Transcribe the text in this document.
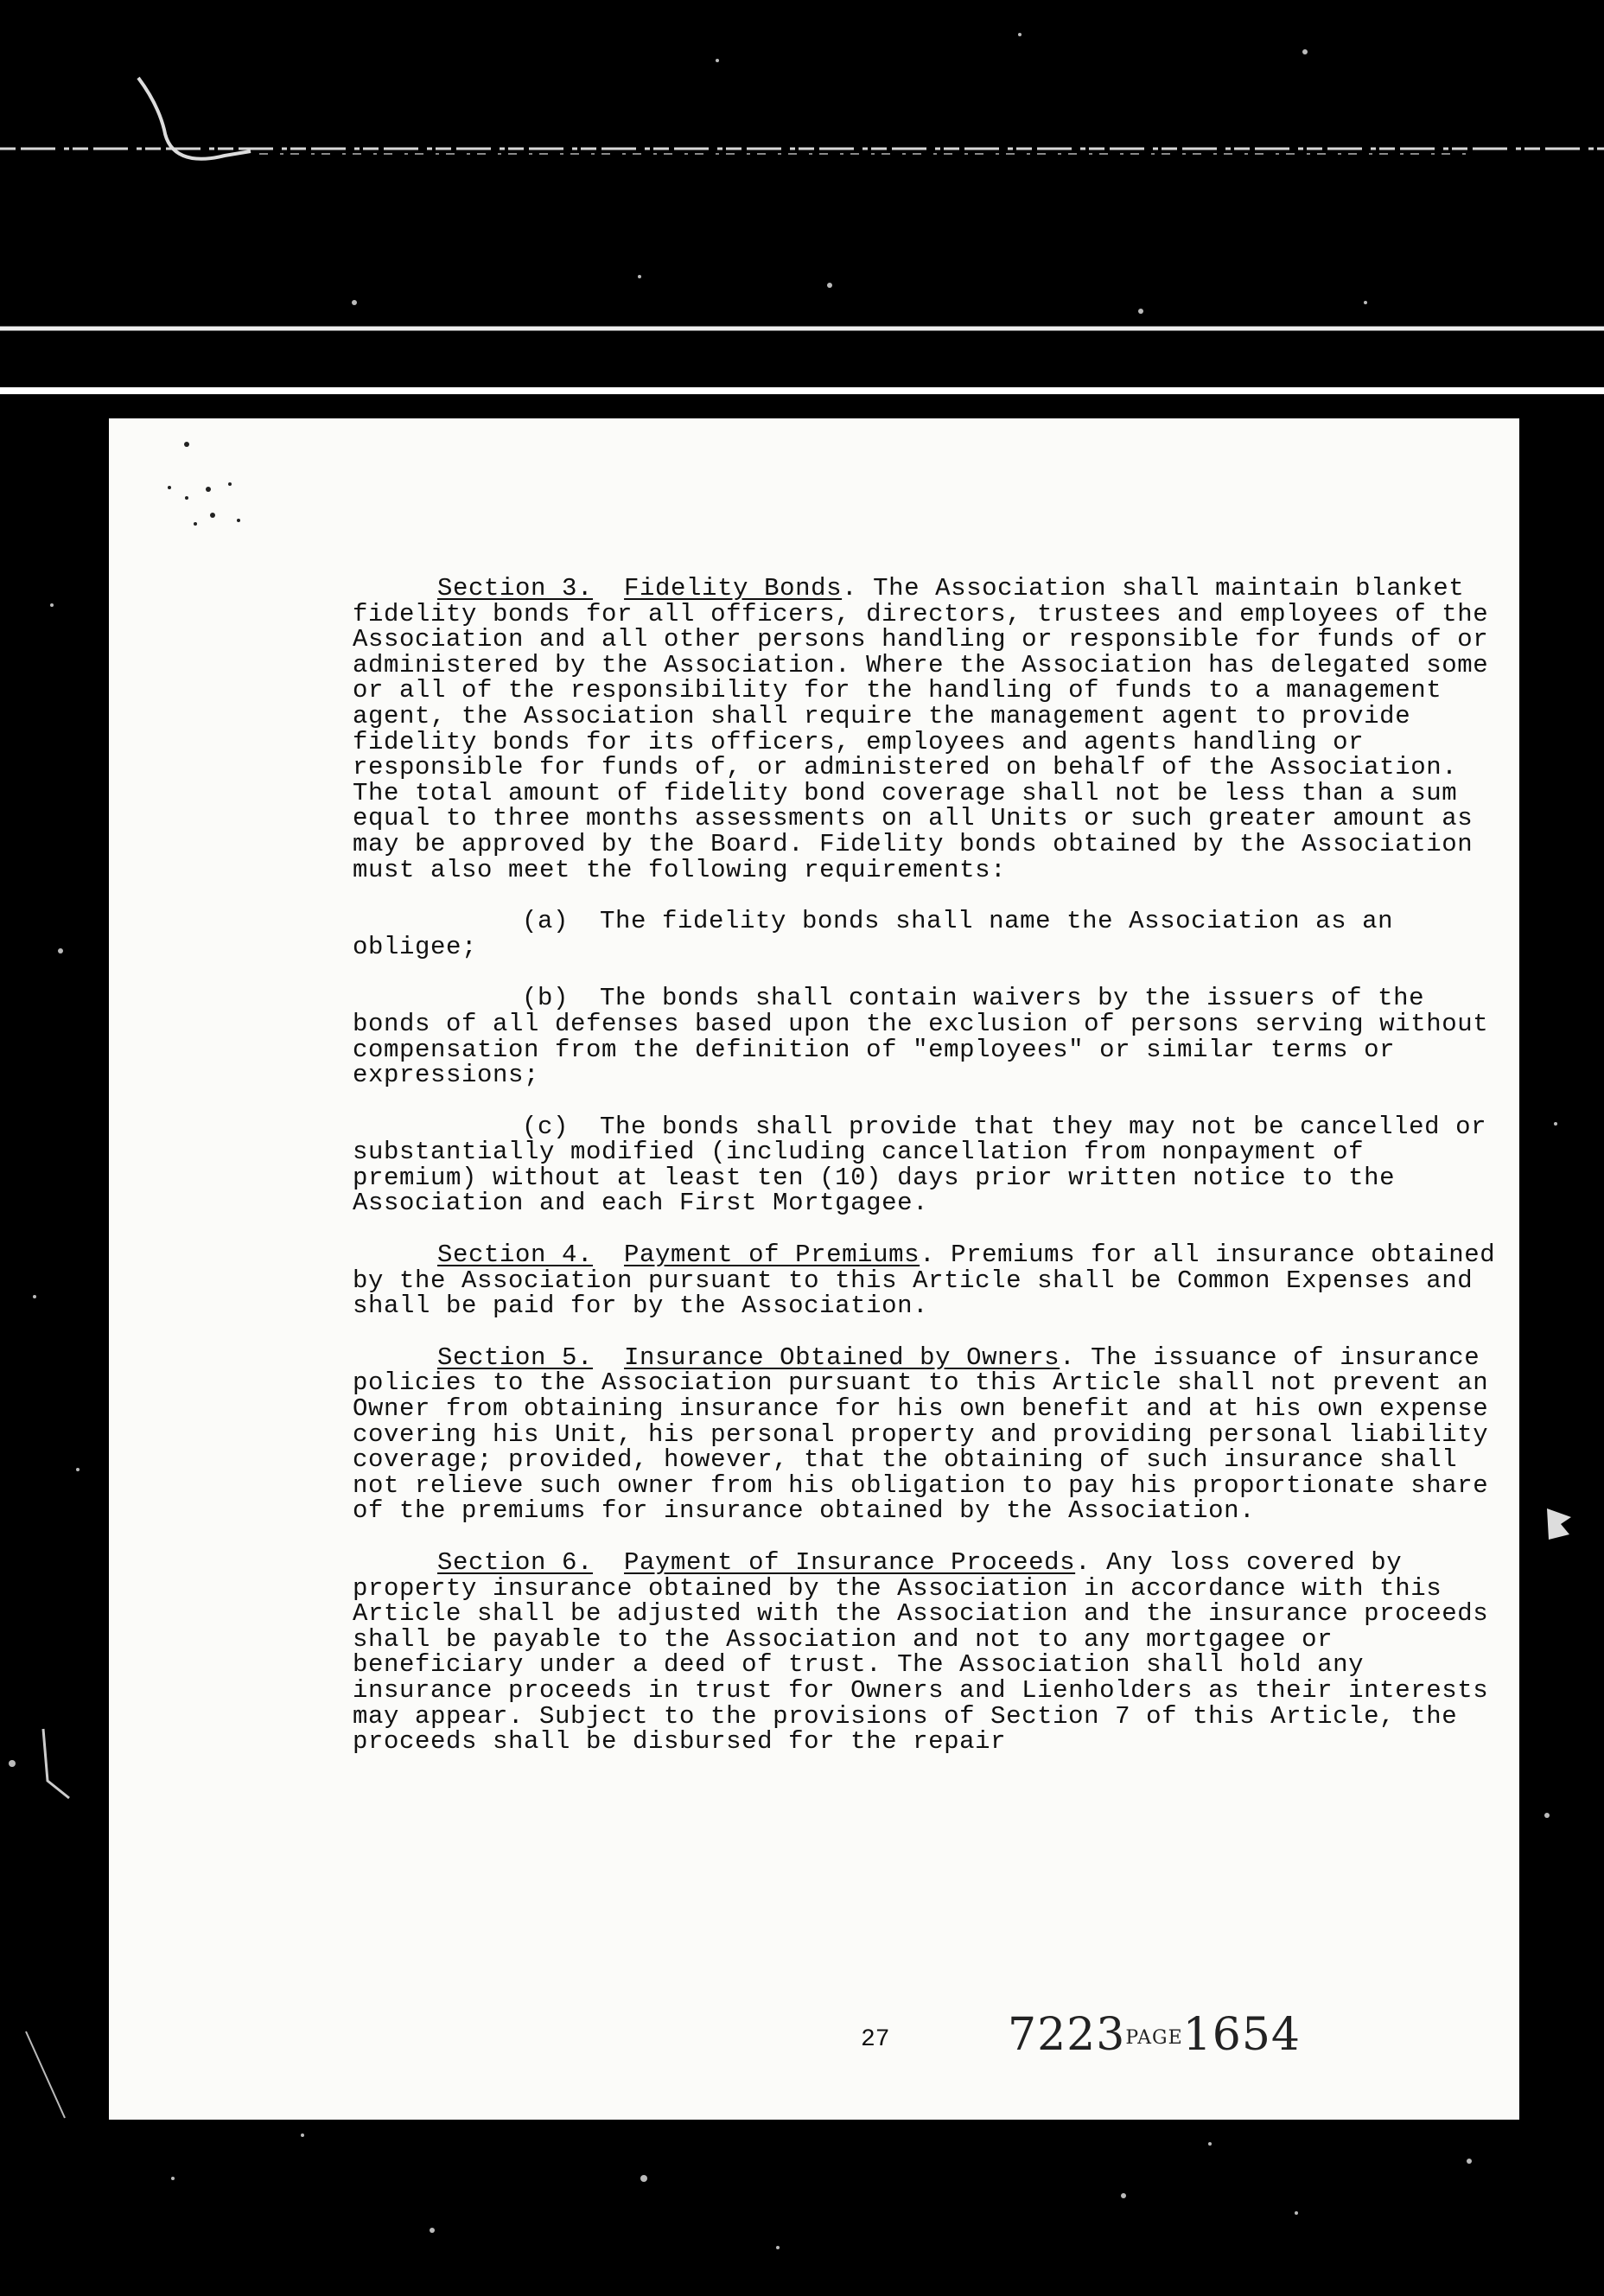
Section 3. Fidelity Bonds. The Association shall maintain blanket fidelity bonds for all officers, directors, trustees and employees of the Association and all other persons handling or responsible for funds of or administered by the Association. Where the Association has delegated some or all of the responsibility for the handling of funds to a management agent, the Association shall require the management agent to provide fidelity bonds for its officers, employees and agents handling or responsible for funds of, or administered on behalf of the Association. The total amount of fidelity bond coverage shall not be less than a sum equal to three months assessments on all Units or such greater amount as may be approved by the Board. Fidelity bonds obtained by the Association must also meet the following requirements:

(a)  The fidelity bonds shall name the Association as an obligee;

(b)  The bonds shall contain waivers by the issuers of the bonds of all defenses based upon the exclusion of persons serving without compensation from the definition of "employees" or similar terms or expressions;

(c)  The bonds shall provide that they may not be cancelled or substantially modified (including cancellation from nonpayment of premium) without at least ten (10) days prior written notice to the Association and each First Mortgagee.

Section 4. Payment of Premiums. Premiums for all insurance obtained by the Association pursuant to this Article shall be Common Expenses and shall be paid for by the Association.

Section 5. Insurance Obtained by Owners. The issuance of insurance policies to the Association pursuant to this Article shall not prevent an Owner from obtaining insurance for his own benefit and at his own expense covering his Unit, his personal property and providing personal liability coverage; provided, however, that the obtaining of such insurance shall not relieve such owner from his obligation to pay his proportionate share of the premiums for insurance obtained by the Association.

Section 6. Payment of Insurance Proceeds. Any loss covered by property insurance obtained by the Association in accordance with this Article shall be adjusted with the Association and the insurance proceeds shall be payable to the Association and not to any mortgagee or beneficiary under a deed of trust. The Association shall hold any insurance proceeds in trust for Owners and Lienholders as their interests may appear. Subject to the provisions of Section 7 of this Article, the proceeds shall be disbursed for the repair

27	7223PAGE1654
